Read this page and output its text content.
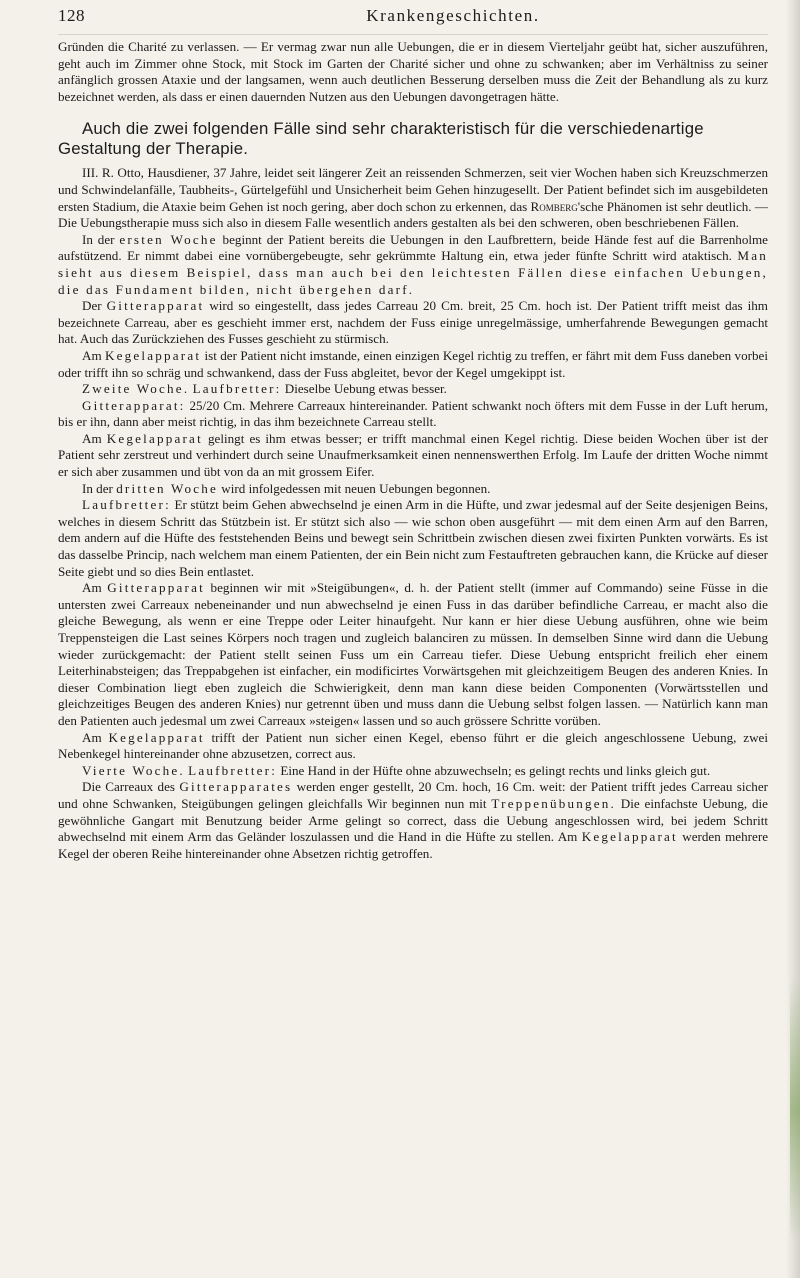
128	Krankengeschichten.

Gründen die Charité zu verlassen. — Er vermag zwar nun alle Uebungen, die er in diesem Vierteljahr geübt hat, sicher auszuführen, geht auch im Zimmer ohne Stock, mit Stock im Garten der Charité sicher und ohne zu schwanken; aber im Verhältniss zu seiner anfänglich grossen Ataxie und der langsamen, wenn auch deutlichen Besserung derselben muss die Zeit der Behandlung als zu kurz bezeichnet werden, als dass er einen dauernden Nutzen aus den Uebungen davongetragen hätte.

Auch die zwei folgenden Fälle sind sehr charakteristisch für die verschiedenartige Gestaltung der Therapie.

III. R. Otto, Hausdiener, 37 Jahre, leidet seit längerer Zeit an reissenden Schmerzen, seit vier Wochen haben sich Kreuzschmerzen und Schwindelanfälle, Taubheits-, Gürtelgefühl und Unsicherheit beim Gehen hinzugesellt. Der Patient befindet sich im ausgebildeten ersten Stadium, die Ataxie beim Gehen ist noch gering, aber doch schon zu erkennen, das Romberg'sche Phänomen ist sehr deutlich. — Die Uebungstherapie muss sich also in diesem Falle wesentlich anders gestalten als bei den schweren, oben beschriebenen Fällen.

In der ersten Woche beginnt der Patient bereits die Uebungen in den Laufbrettern, beide Hände fest auf die Barrenholme aufstützend. Er nimmt dabei eine vornübergebeugte, sehr gekrümmte Haltung ein, etwa jeder fünfte Schritt wird ataktisch. Man sieht aus diesem Beispiel, dass man auch bei den leichtesten Fällen diese einfachen Uebungen, die das Fundament bilden, nicht übergehen darf.

Der Gitterapparat wird so eingestellt, dass jedes Carreau 20 Cm. breit, 25 Cm. hoch ist. Der Patient trifft meist das ihm bezeichnete Carreau, aber es geschieht immer erst, nachdem der Fuss einige unregelmässige, umherfahrende Bewegungen gemacht hat. Auch das Zurückziehen des Fusses geschieht zu stürmisch.

Am Kegelapparat ist der Patient nicht imstande, einen einzigen Kegel richtig zu treffen, er fährt mit dem Fuss daneben vorbei oder trifft ihn so schräg und schwankend, dass der Fuss abgleitet, bevor der Kegel umgekippt ist.

Zweite Woche. Laufbretter: Dieselbe Uebung etwas besser.

Gitterapparat: 25/20 Cm. Mehrere Carreaux hintereinander. Patient schwankt noch öfters mit dem Fusse in der Luft herum, bis er ihn, dann aber meist richtig, in das ihm bezeichnete Carreau stellt.

Am Kegelapparat gelingt es ihm etwas besser; er trifft manchmal einen Kegel richtig. Diese beiden Wochen über ist der Patient sehr zerstreut und verhindert durch seine Unaufmerksamkeit einen nennenswerthen Erfolg. Im Laufe der dritten Woche nimmt er sich aber zusammen und übt von da an mit grossem Eifer.

In der dritten Woche wird infolgedessen mit neuen Uebungen begonnen.

Laufbretter: Er stützt beim Gehen abwechselnd je einen Arm in die Hüfte, und zwar jedesmal auf der Seite desjenigen Beins, welches in diesem Schritt das Stützbein ist. Er stützt sich also — wie schon oben ausgeführt — mit dem einen Arm auf den Barren, dem andern auf die Hüfte des feststehenden Beins und bewegt sein Schrittbein zwischen diesen zwei fixirten Punkten vorwärts. Es ist das dasselbe Princip, nach welchem man einem Patienten, der ein Bein nicht zum Festauftreten gebrauchen kann, die Krücke auf dieser Seite giebt und so dies Bein entlastet.

Am Gitterapparat beginnen wir mit »Steigübungen«, d. h. der Patient stellt (immer auf Commando) seine Füsse in die untersten zwei Carreaux nebeneinander und nun abwechselnd je einen Fuss in das darüber befindliche Carreau, er macht also die gleiche Bewegung, als wenn er eine Treppe oder Leiter hinaufgeht. Nur kann er hier diese Uebung ausführen, ohne wie beim Treppensteigen die Last seines Körpers noch tragen und zugleich balanciren zu müssen. In demselben Sinne wird dann die Uebung wieder zurückgemacht: der Patient stellt seinen Fuss um ein Carreau tiefer. Diese Uebung entspricht freilich eher einem Leiterhinabsteigen; das Treppabgehen ist einfacher, ein modificirtes Vorwärtsgehen mit gleichzeitigem Beugen des anderen Knies. In dieser Combination liegt eben zugleich die Schwierigkeit, denn man kann diese beiden Componenten (Vorwärtsstellen und gleichzeitiges Beugen des anderen Knies) nur getrennt üben und muss dann die Uebung selbst folgen lassen. — Natürlich kann man den Patienten auch jedesmal um zwei Carreaux »steigen« lassen und so auch grössere Schritte vorüben.

Am Kegelapparat trifft der Patient nun sicher einen Kegel, ebenso führt er die gleich angeschlossene Uebung, zwei Nebenkegel hintereinander ohne abzusetzen, correct aus.

Vierte Woche. Laufbretter: Eine Hand in der Hüfte ohne abzuwechseln; es gelingt rechts und links gleich gut.

Die Carreaux des Gitterapparates werden enger gestellt, 20 Cm. hoch, 16 Cm. weit: der Patient trifft jedes Carreau sicher und ohne Schwanken, Steigübungen gelingen gleichfalls Wir beginnen nun mit Treppenübungen. Die einfachste Uebung, die gewöhnliche Gangart mit Benutzung beider Arme gelingt so correct, dass die Uebung angeschlossen wird, bei jedem Schritt abwechselnd mit einem Arm das Geländer loszulassen und die Hand in die Hüfte zu stellen. Am Kegelapparat werden mehrere Kegel der oberen Reihe hintereinander ohne Absetzen richtig getroffen.
